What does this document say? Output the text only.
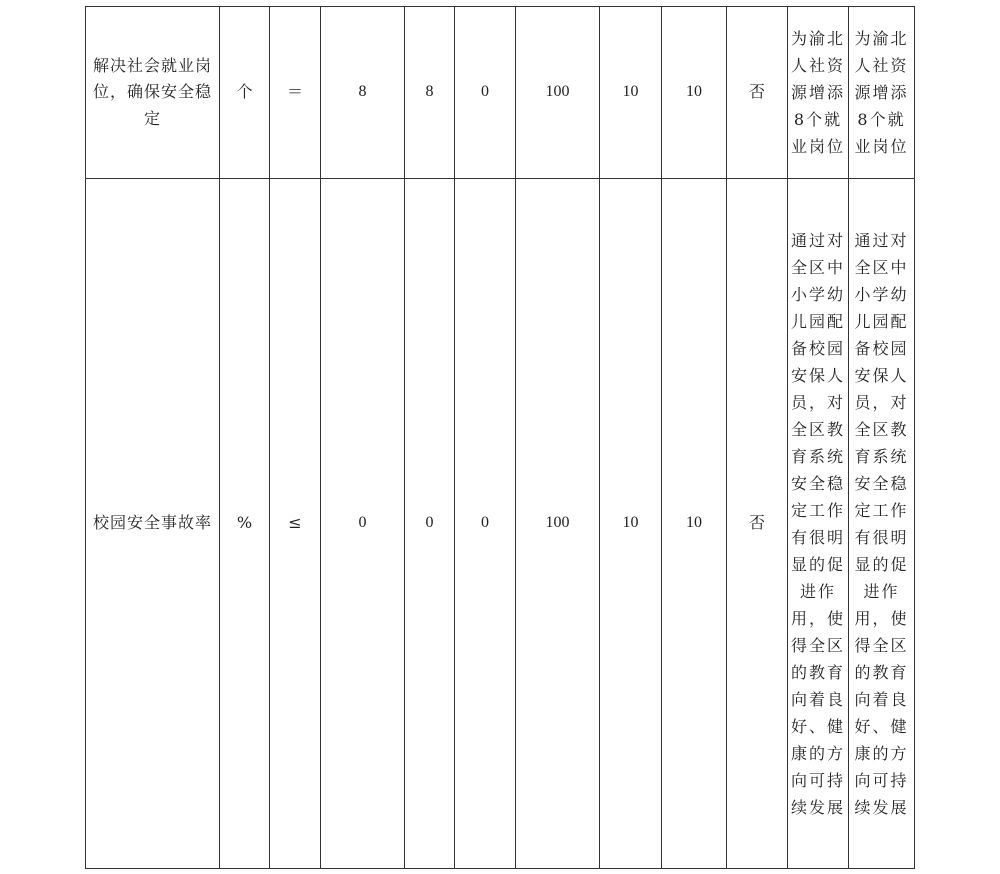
解决社会就业岗位，确保安全稳定	个	＝	8	8	0	100	10	10	否	为渝北人社资源增添8个就业岗位	为渝北人社资源增添8个就业岗位

校园安全事故率	%	≤	0	0	0	100	10	10	否	通过对全区中小学幼儿园配备校园安保人员，对全区教育系统安全稳定工作有很明显的促进作用，使得全区的教育向着良好、健康的方向可持续发展	通过对全区中小学幼儿园配备校园安保人员，对全区教育系统安全稳定工作有很明显的促进作用，使得全区的教育向着良好、健康的方向可持续发展
